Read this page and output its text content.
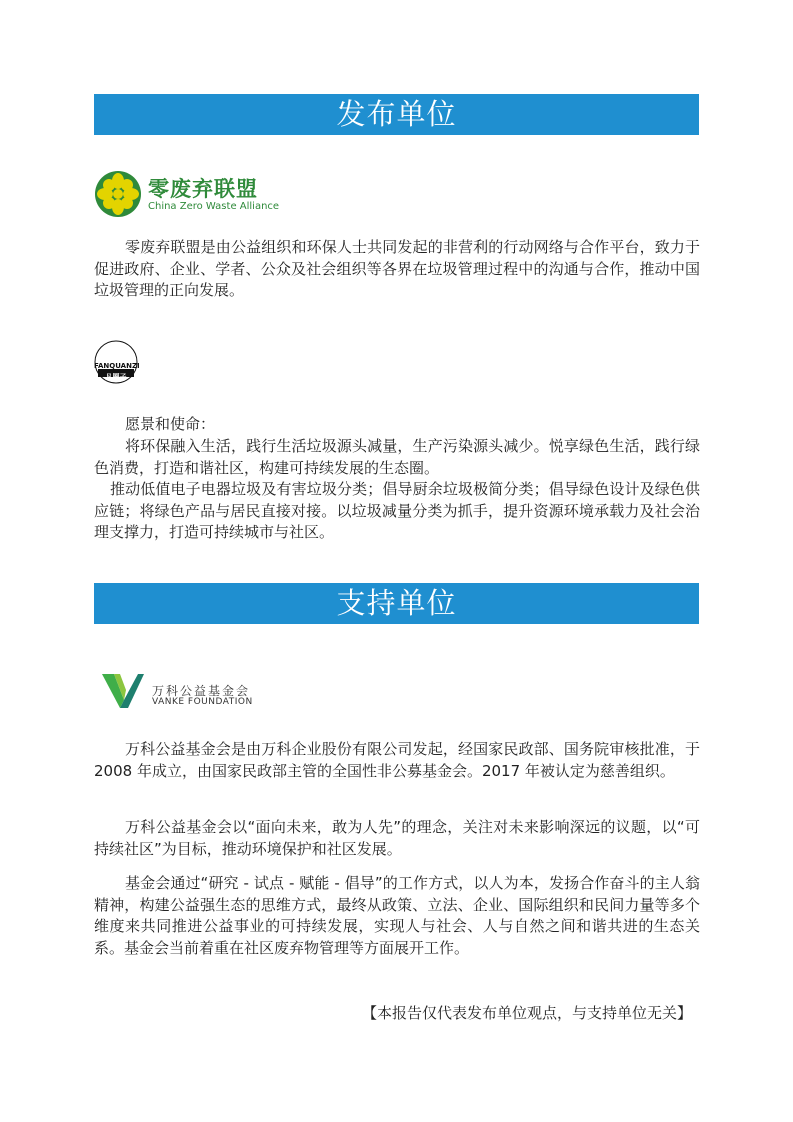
发布单位
零废弃联盟
China Zero Waste Alliance

零废弃联盟是由公益组织和环保人士共同发起的非营利的行动网络与合作平台，致力于促进政府、企业、学者、公众及社会组织等各界在垃圾管理过程中的沟通与合作，推动中国垃圾管理的正向发展。

FANQUANZI
凡圈子

愿景和使命：

将环保融入生活，践行生活垃圾源头减量，生产污染源头减少。悦享绿色生活，践行绿色消费，打造和谐社区，构建可持续发展的生态圈。

推动低值电子电器垃圾及有害垃圾分类；倡导厨余垃圾极简分类；倡导绿色设计及绿色供应链；将绿色产品与居民直接对接。以垃圾减量分类为抓手，提升资源环境承载力及社会治理支撑力，打造可持续城市与社区。

支持单位
万科公益基金会
VANKE FOUNDATION

万科公益基金会是由万科企业股份有限公司发起，经国家民政部、国务院审核批准，于 2008 年成立，由国家民政部主管的全国性非公募基金会。2017 年被认定为慈善组织。

万科公益基金会以“面向未来，敢为人先”的理念，关注对未来影响深远的议题，以“可持续社区”为目标，推动环境保护和社区发展。

基金会通过“研究 - 试点 - 赋能 - 倡导”的工作方式，以人为本，发扬合作奋斗的主人翁精神，构建公益强生态的思维方式，最终从政策、立法、企业、国际组织和民间力量等多个维度来共同推进公益事业的可持续发展，实现人与社会、人与自然之间和谐共进的生态关系。基金会当前着重在社区废弃物管理等方面展开工作。

【本报告仅代表发布单位观点，与支持单位无关】
